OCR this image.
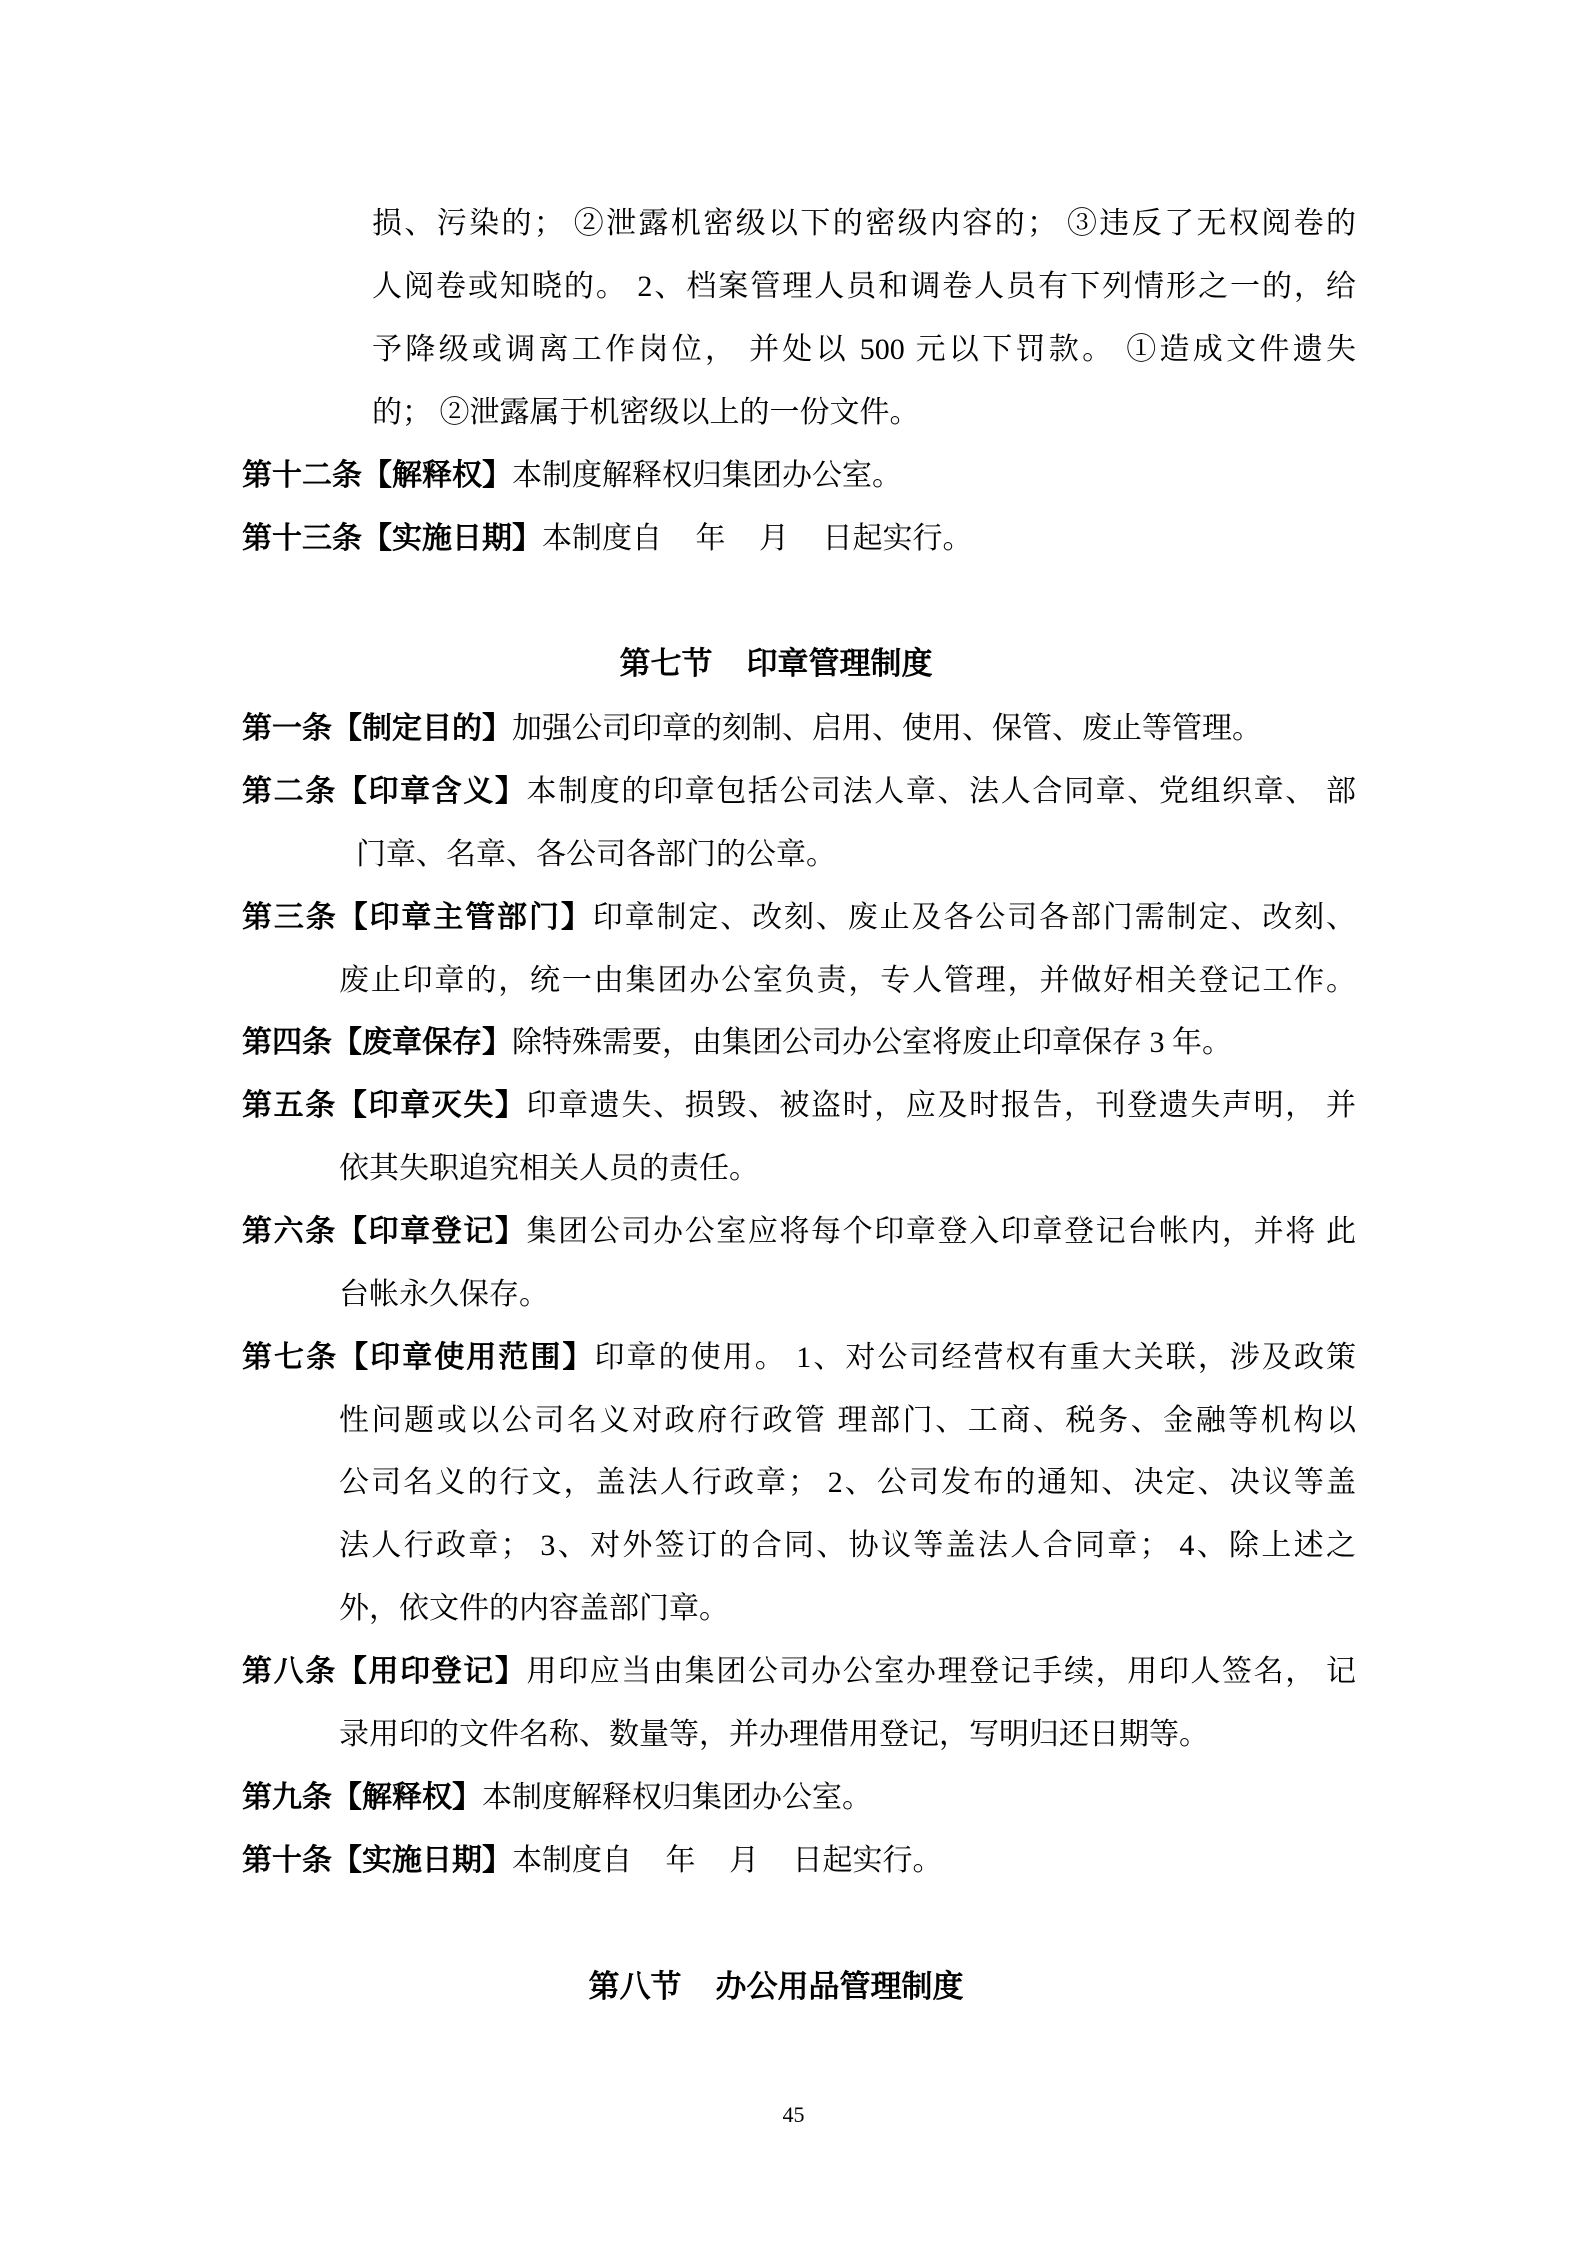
损、污染的； ②泄露机密级以下的密级内容的； ③违反了无权阅卷的
人阅卷或知晓的。 2、档案管理人员和调卷人员有下列情形之一的，给
予降级或调离工作岗位， 并处以 500 元以下罚款。 ①造成文件遗失
的； ②泄露属于机密级以上的一份文件。
第十二条【解释权】本制度解释权归集团办公室。
第十三条【实施日期】本制度自 年 月 日起实行。
第七节 印章管理制度
第一条【制定目的】加强公司印章的刻制、启用、使用、保管、废止等管理。
第二条【印章含义】本制度的印章包括公司法人章、法人合同章、党组织章、 部
门章、名章、各公司各部门的公章。
第三条【印章主管部门】印章制定、改刻、废止及各公司各部门需制定、改刻、
废止印章的，统一由集团办公室负责，专人管理，并做好相关登记工作。
第四条【废章保存】除特殊需要，由集团公司办公室将废止印章保存 3 年。
第五条【印章灭失】印章遗失、损毁、被盗时，应及时报告，刊登遗失声明， 并
依其失职追究相关人员的责任。
第六条【印章登记】集团公司办公室应将每个印章登入印章登记台帐内，并将 此
台帐永久保存。
第七条【印章使用范围】印章的使用。 1、对公司经营权有重大关联，涉及政策
性问题或以公司名义对政府行政管 理部门、工商、税务、金融等机构以
公司名义的行文，盖法人行政章； 2、公司发布的通知、决定、决议等盖
法人行政章； 3、对外签订的合同、协议等盖法人合同章； 4、除上述之
外，依文件的内容盖部门章。
第八条【用印登记】用印应当由集团公司办公室办理登记手续，用印人签名， 记
录用印的文件名称、数量等，并办理借用登记，写明归还日期等。
第九条【解释权】本制度解释权归集团办公室。
第十条【实施日期】本制度自 年 月 日起实行。
第八节 办公用品管理制度
45
